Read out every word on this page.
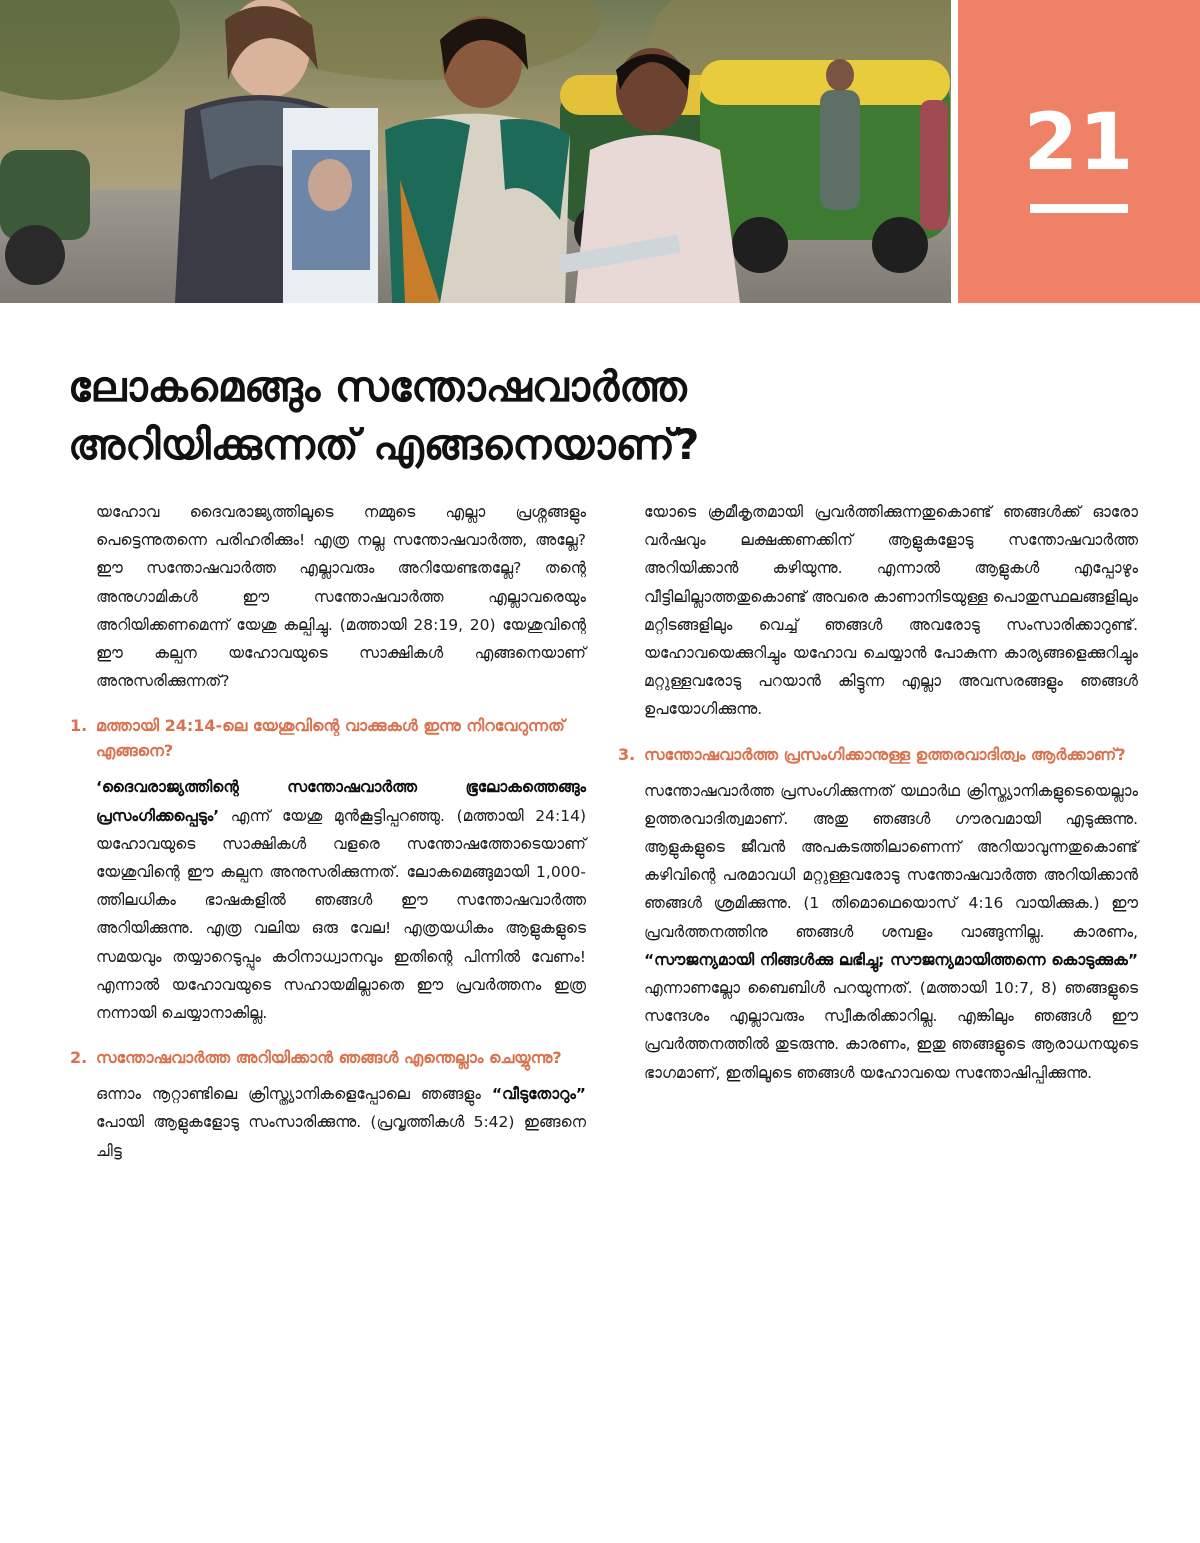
21
ലോകമെങ്ങും സന്തോഷവാർത്ത
അറിയിക്കുന്നത് എങ്ങനെയാണ്?

യഹോവ ദൈവരാജ്യത്തിലൂടെ നമ്മുടെ എല്ലാ പ്രശ്നങ്ങളും പെട്ടെന്നുതന്നെ പരിഹരിക്കും! എത്ര നല്ല സന്തോഷവാർത്ത, അല്ലേ? ഈ സന്തോഷവാർത്ത എല്ലാവരും അറിയേണ്ടതല്ലേ? തന്റെ അനുഗാമികൾ ഈ സന്തോഷവാർത്ത എല്ലാവരെയും അറിയിക്കണമെന്ന് യേശു കല്പിച്ചു. (മത്തായി 28:19, 20) യേശുവിന്റെ ഈ കല്പന യഹോവയുടെ സാക്ഷികൾ എങ്ങനെയാണ് അനുസരിക്കുന്നത്?

1. മത്തായി 24:14-ലെ യേശുവിന്റെ വാക്കുകൾ ഇന്നു നിറവേറുന്നത് എങ്ങനെ?

‘ദൈവരാജ്യത്തിന്റെ സന്തോഷവാർത്ത ഭൂലോകത്തെങ്ങും പ്രസംഗിക്കപ്പെടും’ എന്ന് യേശു മുൻകൂട്ടിപ്പറഞ്ഞു. (മത്തായി 24:14) യഹോവയുടെ സാക്ഷികൾ വളരെ സന്തോഷത്തോടെയാണ് യേശുവിന്റെ ഈ കല്പന അനുസരിക്കുന്നത്. ലോകമെങ്ങുമായി 1,000-ത്തിലധികം ഭാഷകളിൽ ഞങ്ങൾ ഈ സന്തോഷവാർത്ത അറിയിക്കുന്നു. എത്ര വലിയ ഒരു വേല! എത്രയധികം ആളുകളുടെ സമയവും തയ്യാറെടുപ്പും കഠിനാധ്വാനവും ഇതിന്റെ പിന്നിൽ വേണം! എന്നാൽ യഹോവയുടെ സഹായമില്ലാതെ ഈ പ്രവർത്തനം ഇത്ര നന്നായി ചെയ്യാനാകില്ല.

2. സന്തോഷവാർത്ത അറിയിക്കാൻ ഞങ്ങൾ എന്തെല്ലാം ചെയ്യുന്നു?

ഒന്നാം നൂറ്റാണ്ടിലെ ക്രിസ്ത്യാനികളെപ്പോലെ ഞങ്ങളും “വീടുതോറും” പോയി ആളുകളോടു സംസാരിക്കുന്നു. (പ്രവൃത്തികൾ 5:42) ഇങ്ങനെ ചിട്ട

യോടെ ക്രമീകൃതമായി പ്രവർത്തിക്കുന്നതുകൊണ്ട് ഞങ്ങൾക്ക് ഓരോ വർഷവും ലക്ഷക്കണക്കിന് ആളുകളോടു സന്തോഷവാർത്ത അറിയിക്കാൻ കഴിയുന്നു. എന്നാൽ ആളുകൾ എപ്പോഴും വീട്ടിലില്ലാത്തതുകൊണ്ട് അവരെ കാണാനിടയുള്ള പൊതുസ്ഥലങ്ങളിലും മറ്റിടങ്ങളിലും വെച്ച് ഞങ്ങൾ അവരോടു സംസാരിക്കാറുണ്ട്. യഹോവയെക്കുറിച്ചും യഹോവ ചെയ്യാൻ പോകുന്ന കാര്യങ്ങളെക്കുറിച്ചും മറ്റുള്ളവരോടു പറയാൻ കിട്ടുന്ന എല്ലാ അവസരങ്ങളും ഞങ്ങൾ ഉപയോഗിക്കുന്നു.

3. സന്തോഷവാർത്ത പ്രസംഗിക്കാനുള്ള ഉത്തരവാദിത്വം ആർക്കാണ്?

സന്തോഷവാർത്ത പ്രസംഗിക്കുന്നത് യഥാർഥ ക്രിസ്ത്യാനികളുടെയെല്ലാം ഉത്തരവാദിത്വമാണ്. അതു ഞങ്ങൾ ഗൗരവമായി എടുക്കുന്നു. ആളുകളുടെ ജീവൻ അപകടത്തിലാണെന്ന് അറിയാവുന്നതുകൊണ്ട് കഴിവിന്റെ പരമാവധി മറ്റുള്ളവരോടു സന്തോഷവാർത്ത അറിയിക്കാൻ ഞങ്ങൾ ശ്രമിക്കുന്നു. (1 തിമൊഥെയൊസ് 4:16 വായിക്കുക.) ഈ പ്രവർത്തനത്തിനു ഞങ്ങൾ ശമ്പളം വാങ്ങുന്നില്ല. കാരണം, “സൗജന്യമായി നിങ്ങൾക്കു ലഭിച്ചു; സൗജന്യമായിത്തന്നെ കൊടുക്കുക” എന്നാണല്ലോ ബൈബിൾ പറയുന്നത്. (മത്തായി 10:7, 8) ഞങ്ങളുടെ സന്ദേശം എല്ലാവരും സ്വീകരിക്കാറില്ല. എങ്കിലും ഞങ്ങൾ ഈ പ്രവർത്തനത്തിൽ തുടരുന്നു. കാരണം, ഇതു ഞങ്ങളുടെ ആരാധനയുടെ ഭാഗമാണ്, ഇതിലൂടെ ഞങ്ങൾ യഹോവയെ സന്തോഷിപ്പിക്കുന്നു.
